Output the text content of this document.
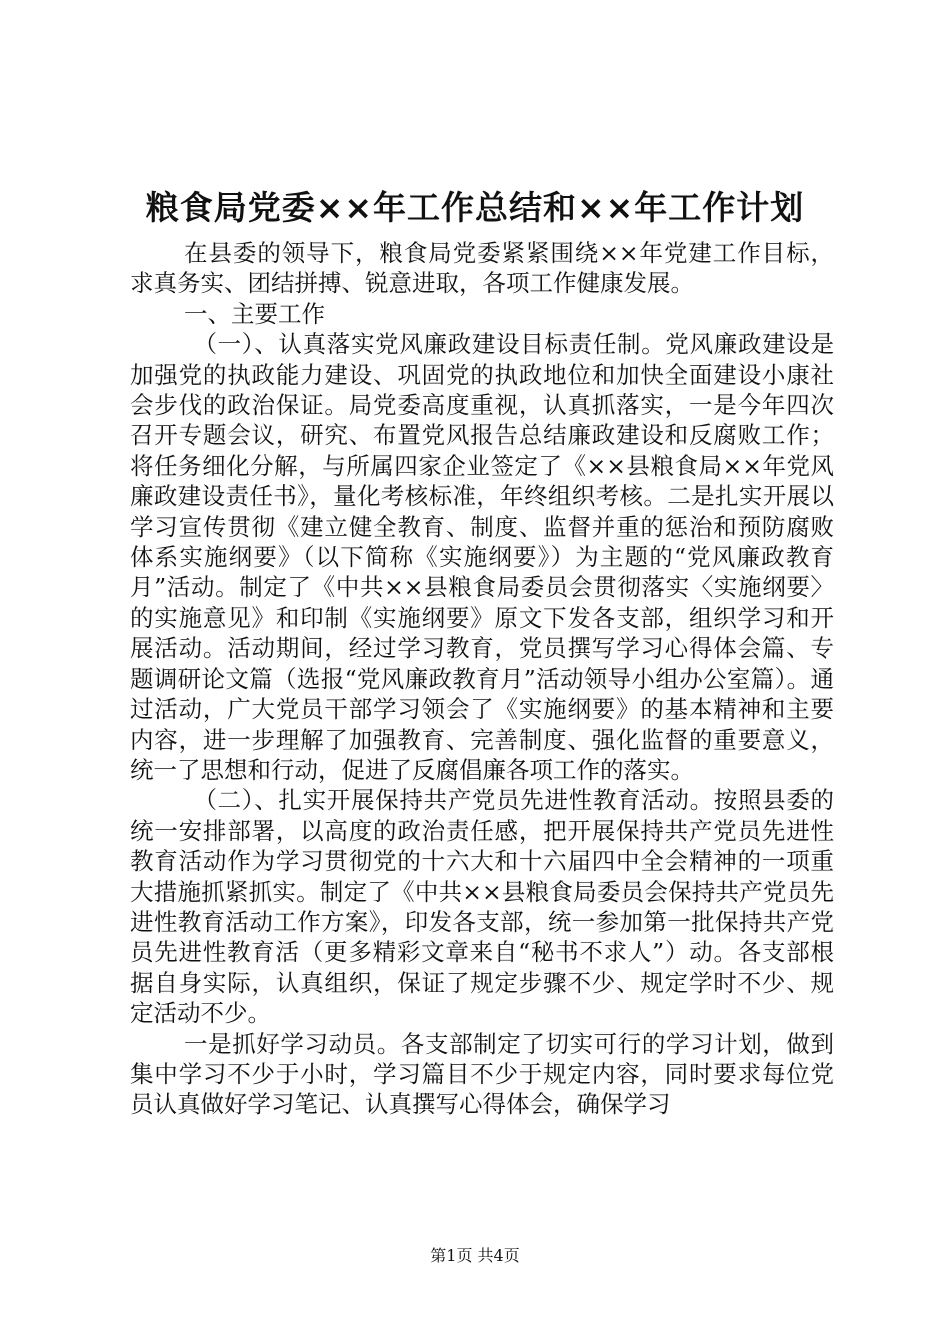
粮食局党委××年工作总结和××年工作计划

在县委的领导下，粮食局党委紧紧围绕××年党建工作目标，求真务实、团结拼搏、锐意进取，各项工作健康发展。

一、主要工作

（一）、认真落实党风廉政建设目标责任制。党风廉政建设是加强党的执政能力建设、巩固党的执政地位和加快全面建设小康社会步伐的政治保证。局党委高度重视，认真抓落实，一是今年四次召开专题会议，研究、布置党风报告总结廉政建设和反腐败工作；将任务细化分解，与所属四家企业签定了《××县粮食局××年党风廉政建设责任书》，量化考核标准，年终组织考核。二是扎实开展以学习宣传贯彻《建立健全教育、制度、监督并重的惩治和预防腐败体系实施纲要》（以下简称《实施纲要》）为主题的“党风廉政教育月”活动。制定了《中共××县粮食局委员会贯彻落实〈实施纲要〉的实施意见》和印制《实施纲要》原文下发各支部，组织学习和开展活动。活动期间，经过学习教育，党员撰写学习心得体会篇、专题调研论文篇（选报“党风廉政教育月”活动领导小组办公室篇）。通过活动，广大党员干部学习领会了《实施纲要》的基本精神和主要内容，进一步理解了加强教育、完善制度、强化监督的重要意义，统一了思想和行动，促进了反腐倡廉各项工作的落实。

（二）、扎实开展保持共产党员先进性教育活动。按照县委的统一安排部署，以高度的政治责任感，把开展保持共产党员先进性教育活动作为学习贯彻党的十六大和十六届四中全会精神的一项重大措施抓紧抓实。制定了《中共××县粮食局委员会保持共产党员先进性教育活动工作方案》，印发各支部，统一参加第一批保持共产党员先进性教育活（更多精彩文章来自“秘书不求人”）动。各支部根据自身实际，认真组织，保证了规定步骤不少、规定学时不少、规定活动不少。

一是抓好学习动员。各支部制定了切实可行的学习计划，做到集中学习不少于小时，学习篇目不少于规定内容，同时要求每位党员认真做好学习笔记、认真撰写心得体会，确保学习

第1页 共4页
